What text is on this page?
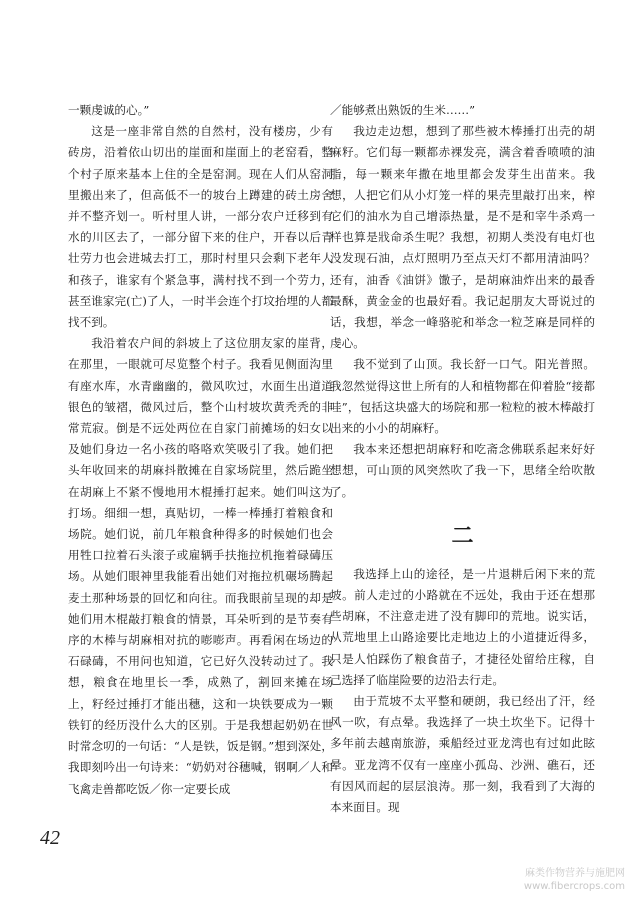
一颗虔诚的心。”

这是一座非常自然的自然村，没有楼房，少有砖房，沿着依山切出的崖面和崖面上的老窑看，整个村子原来基本上住的全是窑洞。现在人们从窑洞里搬出来了，但高低不一的坡台上蹲建的砖土房舍并不整齐划一。听村里人讲，一部分农户迁移到有水的川区去了，一部分留下来的住户，开春以后青壮劳力也会进城去打工，那时村里只会剩下老年人和孩子，谁家有个紧急事，满村找不到一个劳力，甚至谁家完(亡)了人，一时半会连个打坟抬埋的人都找不到。

我沿着农户间的斜坡上了这位朋友家的崖背，在那里，一眼就可尽览整个村子。我看见侧面沟里有座水库，水青幽幽的，微风吹过，水面生出道道银色的皱褶，微风过后，整个山村坡坎黄秃秃的非常荒寂。倒是不远处两位在自家门前摊场的妇女以及她们身边一名小孩的咯咯欢笑吸引了我。她们把头年收回来的胡麻抖散摊在自家场院里，然后跪坐在胡麻上不紧不慢地用木棍捶打起来。她们叫这为打场。细细一想，真贴切，一棒一棒捶打着粮食和场院。她们说，前几年粮食种得多的时候她们也会用牲口拉着石头滚子或雇辆手扶拖拉机拖着碌碡压场。从她们眼神里我能看出她们对拖拉机碾场腾起麦土那种场景的回忆和向往。而我眼前呈现的却是她们用木棍敲打粮食的情景，耳朵听到的是节奏有序的木棒与胡麻相对抗的嘭嘭声。再看闲在场边的石碌碡，不用问也知道，它已好久没转动过了。我想，粮食在地里长一季，成熟了，割回来摊在场上，籽经过捶打才能出穗，这和一块铁要成为一颗铁钉的经历没什么大的区别。于是我想起奶奶在世时常念叨的一句话：“人是铁，饭是钢。”想到深处，我即刻吟出一句诗来：“奶奶对谷穗喊，钢啊／人和飞禽走兽都吃饭／你一定要长成

／能够煮出熟饭的生米……”

我边走边想，想到了那些被木棒捶打出壳的胡麻籽。它们每一颗都赤裸发亮，满含着香喷喷的油脂，每一颗来年撒在地里都会发芽生出苗来。我想，人把它们从小灯笼一样的果壳里敲打出来，榨它们的油水为自己增添热量，是不是和宰牛杀鸡一样也算是戕命杀生呢？我想，初期人类没有电灯也没发现石油，点灯照明乃至点天灯不都用清油吗？还有，油香《油饼》馓子，是胡麻油炸出来的最香最酥，黄金金的也最好看。我记起朋友大哥说过的话，我想，举念一峰骆驼和举念一粒芝麻是同样的虔心。

我不觉到了山顶。我长舒一口气。阳光普照。我忽然觉得这世上所有的人和植物都在仰着脸“接都哇”，包括这块盛大的场院和那一粒粒的被木棒敲打出来的小小的胡麻籽。

我本来还想把胡麻籽和吃斋念佛联系起来好好想想，可山顶的风突然吹了我一下，思绪全给吹散了。

二

我选择上山的途径，是一片退耕后闲下来的荒坡。前人走过的小路就在不远处，我由于还在想那些胡麻，不注意走进了没有脚印的荒地。说实话，从荒地里上山路途要比走地边上的小道捷近得多，只是人怕踩伤了粮食苗子，才捷径处留给庄稼，自己选择了临崖险要的边沿去行走。

由于荒坡不太平整和硬朗，我已经出了汗，经风一吹，有点晕。我选择了一块土坎坐下。记得十多年前去越南旅游，乘船经过亚龙湾也有过如此眩晕。亚龙湾不仅有一座座小孤岛、沙洲、礁石，还有因风而起的层层浪涛。那一刻，我看到了大海的本来面目。现

42
麻类作物营养与施肥网
www.fibercrops.com
